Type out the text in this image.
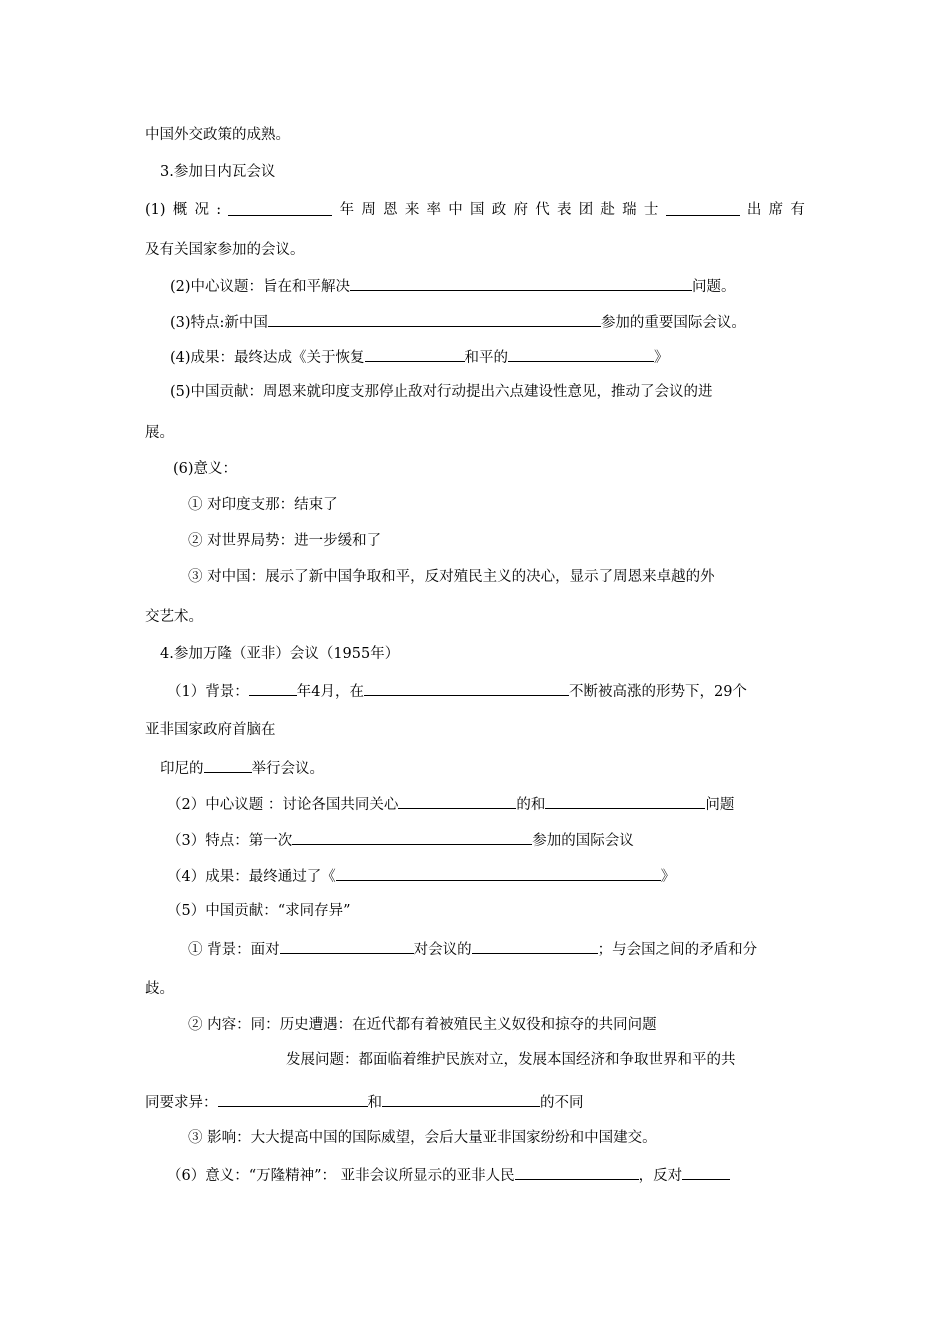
中国外交政策的成熟。
3.参加日内瓦会议
(1) 概 况 :	年 周 恩 来 率 中 国 政 府 代 表 团 赴 瑞 士	出 席 有
及有关国家参加的会议。
(2)中心议题：旨在和平解决	问题。
(3)特点:新中国	参加的重要国际会议。
(4)成果：最终达成《关于恢复	和平的	》
(5)中国贡献：周恩来就印度支那停止敌对行动提出六点建设性意见，推动了会议的进
展。
(6)意义：
① 对印度支那：结束了
② 对世界局势：进一步缓和了
③ 对中国：展示了新中国争取和平，反对殖民主义的决心，显示了周恩来卓越的外
交艺术。
4.参加万隆（亚非）会议（1955年）
（1）背景：	年4月，在	不断被高涨的形势下，29个
亚非国家政府首脑在
印尼的	举行会议。
（2）中心议题 ：讨论各国共同关心	的和	问题
（3）特点：第一次	参加的国际会议
（4）成果：最终通过了《	》
（5）中国贡献：“求同存异”
① 背景：面对	对会议的	；与会国之间的矛盾和分
歧。
② 内容：同：历史遭遇：在近代都有着被殖民主义奴役和掠夺的共同问题
发展问题：都面临着维护民族对立，发展本国经济和争取世界和平的共
同要求异：	和	的不同
③ 影响：大大提高中国的国际威望，会后大量亚非国家纷纷和中国建交。
（6）意义：“万隆精神”： 亚非会议所显示的亚非人民	，反对
